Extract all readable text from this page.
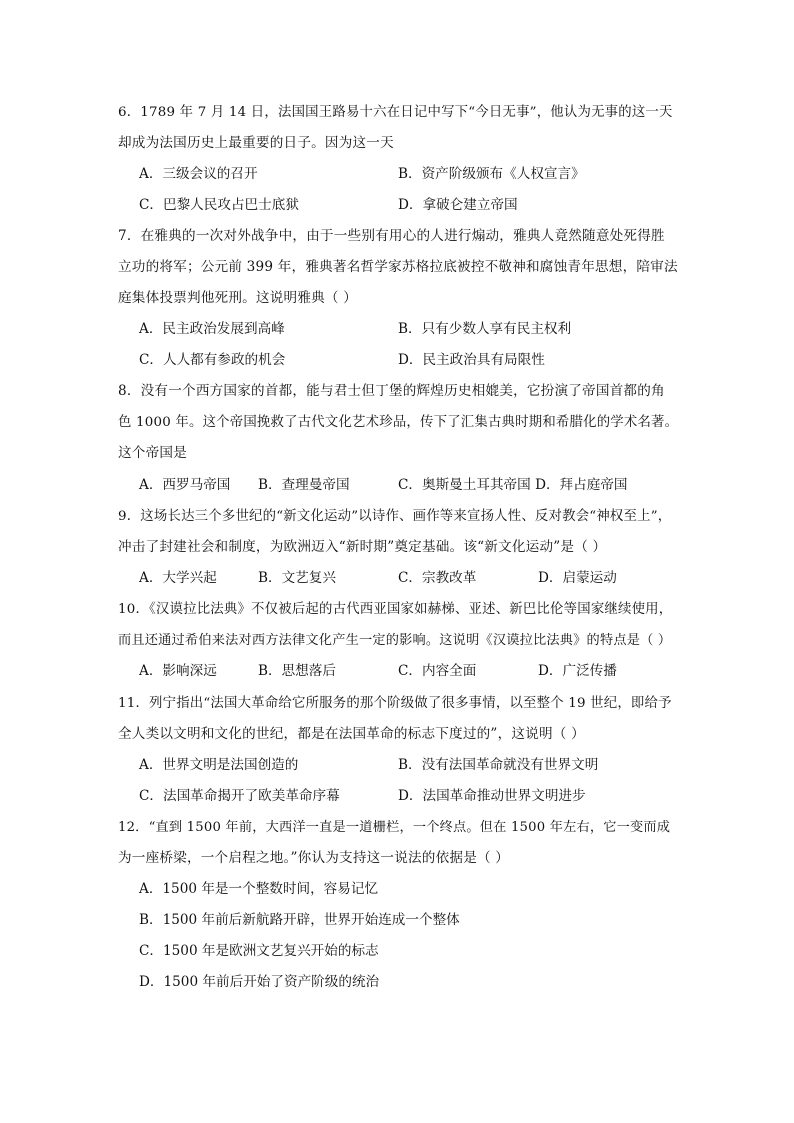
6．1789 年 7 月 14 日，法国国王路易十六在日记中写下“今日无事”，他认为无事的这一天
却成为法国历史上最重要的日子。因为这一天
A．三级会议的召开	B．资产阶级颁布《人权宣言》
C．巴黎人民攻占巴士底狱	D．拿破仑建立帝国
7．在雅典的一次对外战争中，由于一些别有用心的人进行煽动，雅典人竟然随意处死得胜
立功的将军；公元前 399 年，雅典著名哲学家苏格拉底被控不敬神和腐蚀青年思想，陪审法
庭集体投票判他死刑。这说明雅典（ ）
A．民主政治发展到高峰	B．只有少数人享有民主权利
C．人人都有参政的机会	D．民主政治具有局限性
8．没有一个西方国家的首都，能与君士但丁堡的辉煌历史相媲美，它扮演了帝国首都的角
色 1000 年。这个帝国挽救了古代文化艺术珍品，传下了汇集古典时期和希腊化的学术名著。
这个帝国是
A．西罗马帝国 B．查理曼帝国	C．奥斯曼土耳其帝国 D．拜占庭帝国
9．这场长达三个多世纪的“新文化运动”以诗作、画作等来宣扬人性、反对教会“神权至上”，
冲击了封建社会和制度，为欧洲迈入“新时期”奠定基础。该“新文化运动”是（ ）
A．大学兴起	B．文艺复兴	C．宗教改革	D．启蒙运动
10．《汉谟拉比法典》不仅被后起的古代西亚国家如赫梯、亚述、新巴比伦等国家继续使用，
而且还通过希伯来法对西方法律文化产生一定的影响。这说明《汉谟拉比法典》的特点是（ ）
A．影响深远	B．思想落后	C．内容全面	D．广泛传播
11．列宁指出“法国大革命给它所服务的那个阶级做了很多事情，以至整个 19 世纪，即给予
全人类以文明和文化的世纪，都是在法国革命的标志下度过的”，这说明（ ）
A．世界文明是法国创造的	B．没有法国革命就没有世界文明
C．法国革命揭开了欧美革命序幕	D．法国革命推动世界文明进步
12．“直到 1500 年前，大西洋一直是一道栅栏，一个终点。但在 1500 年左右，它一变而成
为一座桥梁，一个启程之地。”你认为支持这一说法的依据是（ ）
A．1500 年是一个整数时间，容易记忆
B．1500 年前后新航路开辟，世界开始连成一个整体
C．1500 年是欧洲文艺复兴开始的标志
D．1500 年前后开始了资产阶级的统治
